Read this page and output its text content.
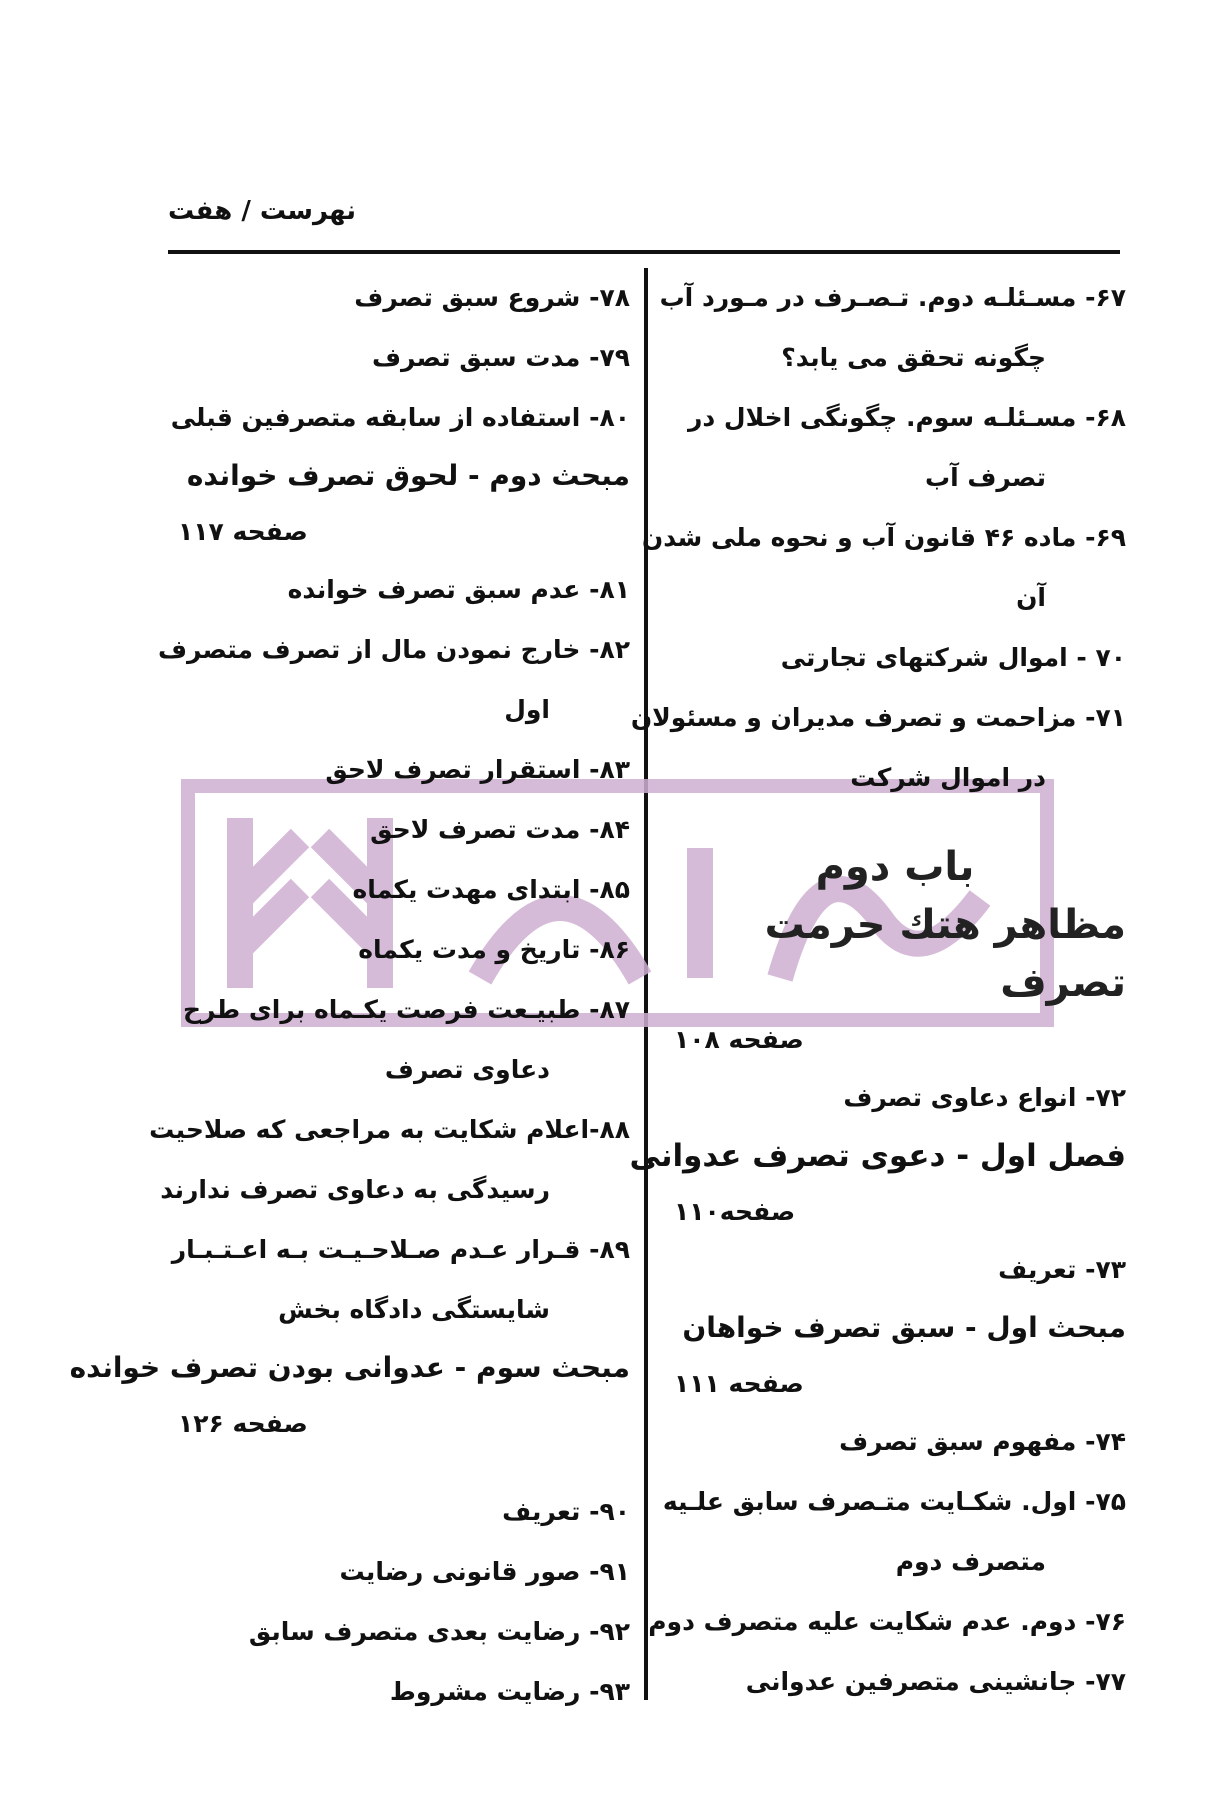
نهرست / هفت
۶۷- مسـئلـه دوم. تـصـرف در مـورد آب
چگونه تحقق می یابد؟
۶۸- مسـئلـه سوم. چگونگی اخلال در
تصرف آب
۶۹- ماده ۴۶ قانون آب و نحوه ملی شدن
آن
۷۰ - اموال شرکتهای تجارتی
۷۱- مزاحمت و تصرف مدیران و مسئولان
در اموال شرکت
باب دوم
مظاهر هتك حرمت تصرف
صفحه ۱۰۸
۷۲- انواع دعاوی تصرف
فصل اول - دعوی تصرف عدوانی
صفحه۱۱۰
۷۳- تعریف
مبحث اول - سبق تصرف خواهان
صفحه ۱۱۱
۷۴- مفهوم سبق تصرف
۷۵- اول. شکـایت متـصرف سابق علـیه
متصرف دوم
۷۶- دوم. عدم شکایت علیه متصرف دوم
۷۷- جانشینی متصرفین عدوانی
۷۸- شروع سبق تصرف
۷۹- مدت سبق تصرف
۸۰- استفاده از سابقه متصرفین قبلی
مبحث دوم - لحوق تصرف خوانده
صفحه ۱۱۷
۸۱- عدم سبق تصرف خوانده
۸۲- خارج نمودن مال از تصرف متصرف
اول
۸۳- استقرار تصرف لاحق
۸۴- مدت تصرف لاحق
۸۵- ابتدای مهدت یکماه
۸۶- تاریخ و مدت یکماه
۸۷- طبیـعت فرصت یکـماه برای طرح
دعاوی تصرف
۸۸-اعلام شکایت به مراجعی که صلاحیت
رسیدگی به دعاوی تصرف ندارند
۸۹- قـرار عـدم صـلاحـیـت بـه اعـتـبـار
شایستگی دادگاه بخش
مبحث سوم - عدوانی بودن تصرف خوانده
صفحه ۱۲۶
۹۰- تعریف
۹۱- صور قانونی رضایت
۹۲- رضایت بعدی متصرف سابق
۹۳- رضایت مشروط
